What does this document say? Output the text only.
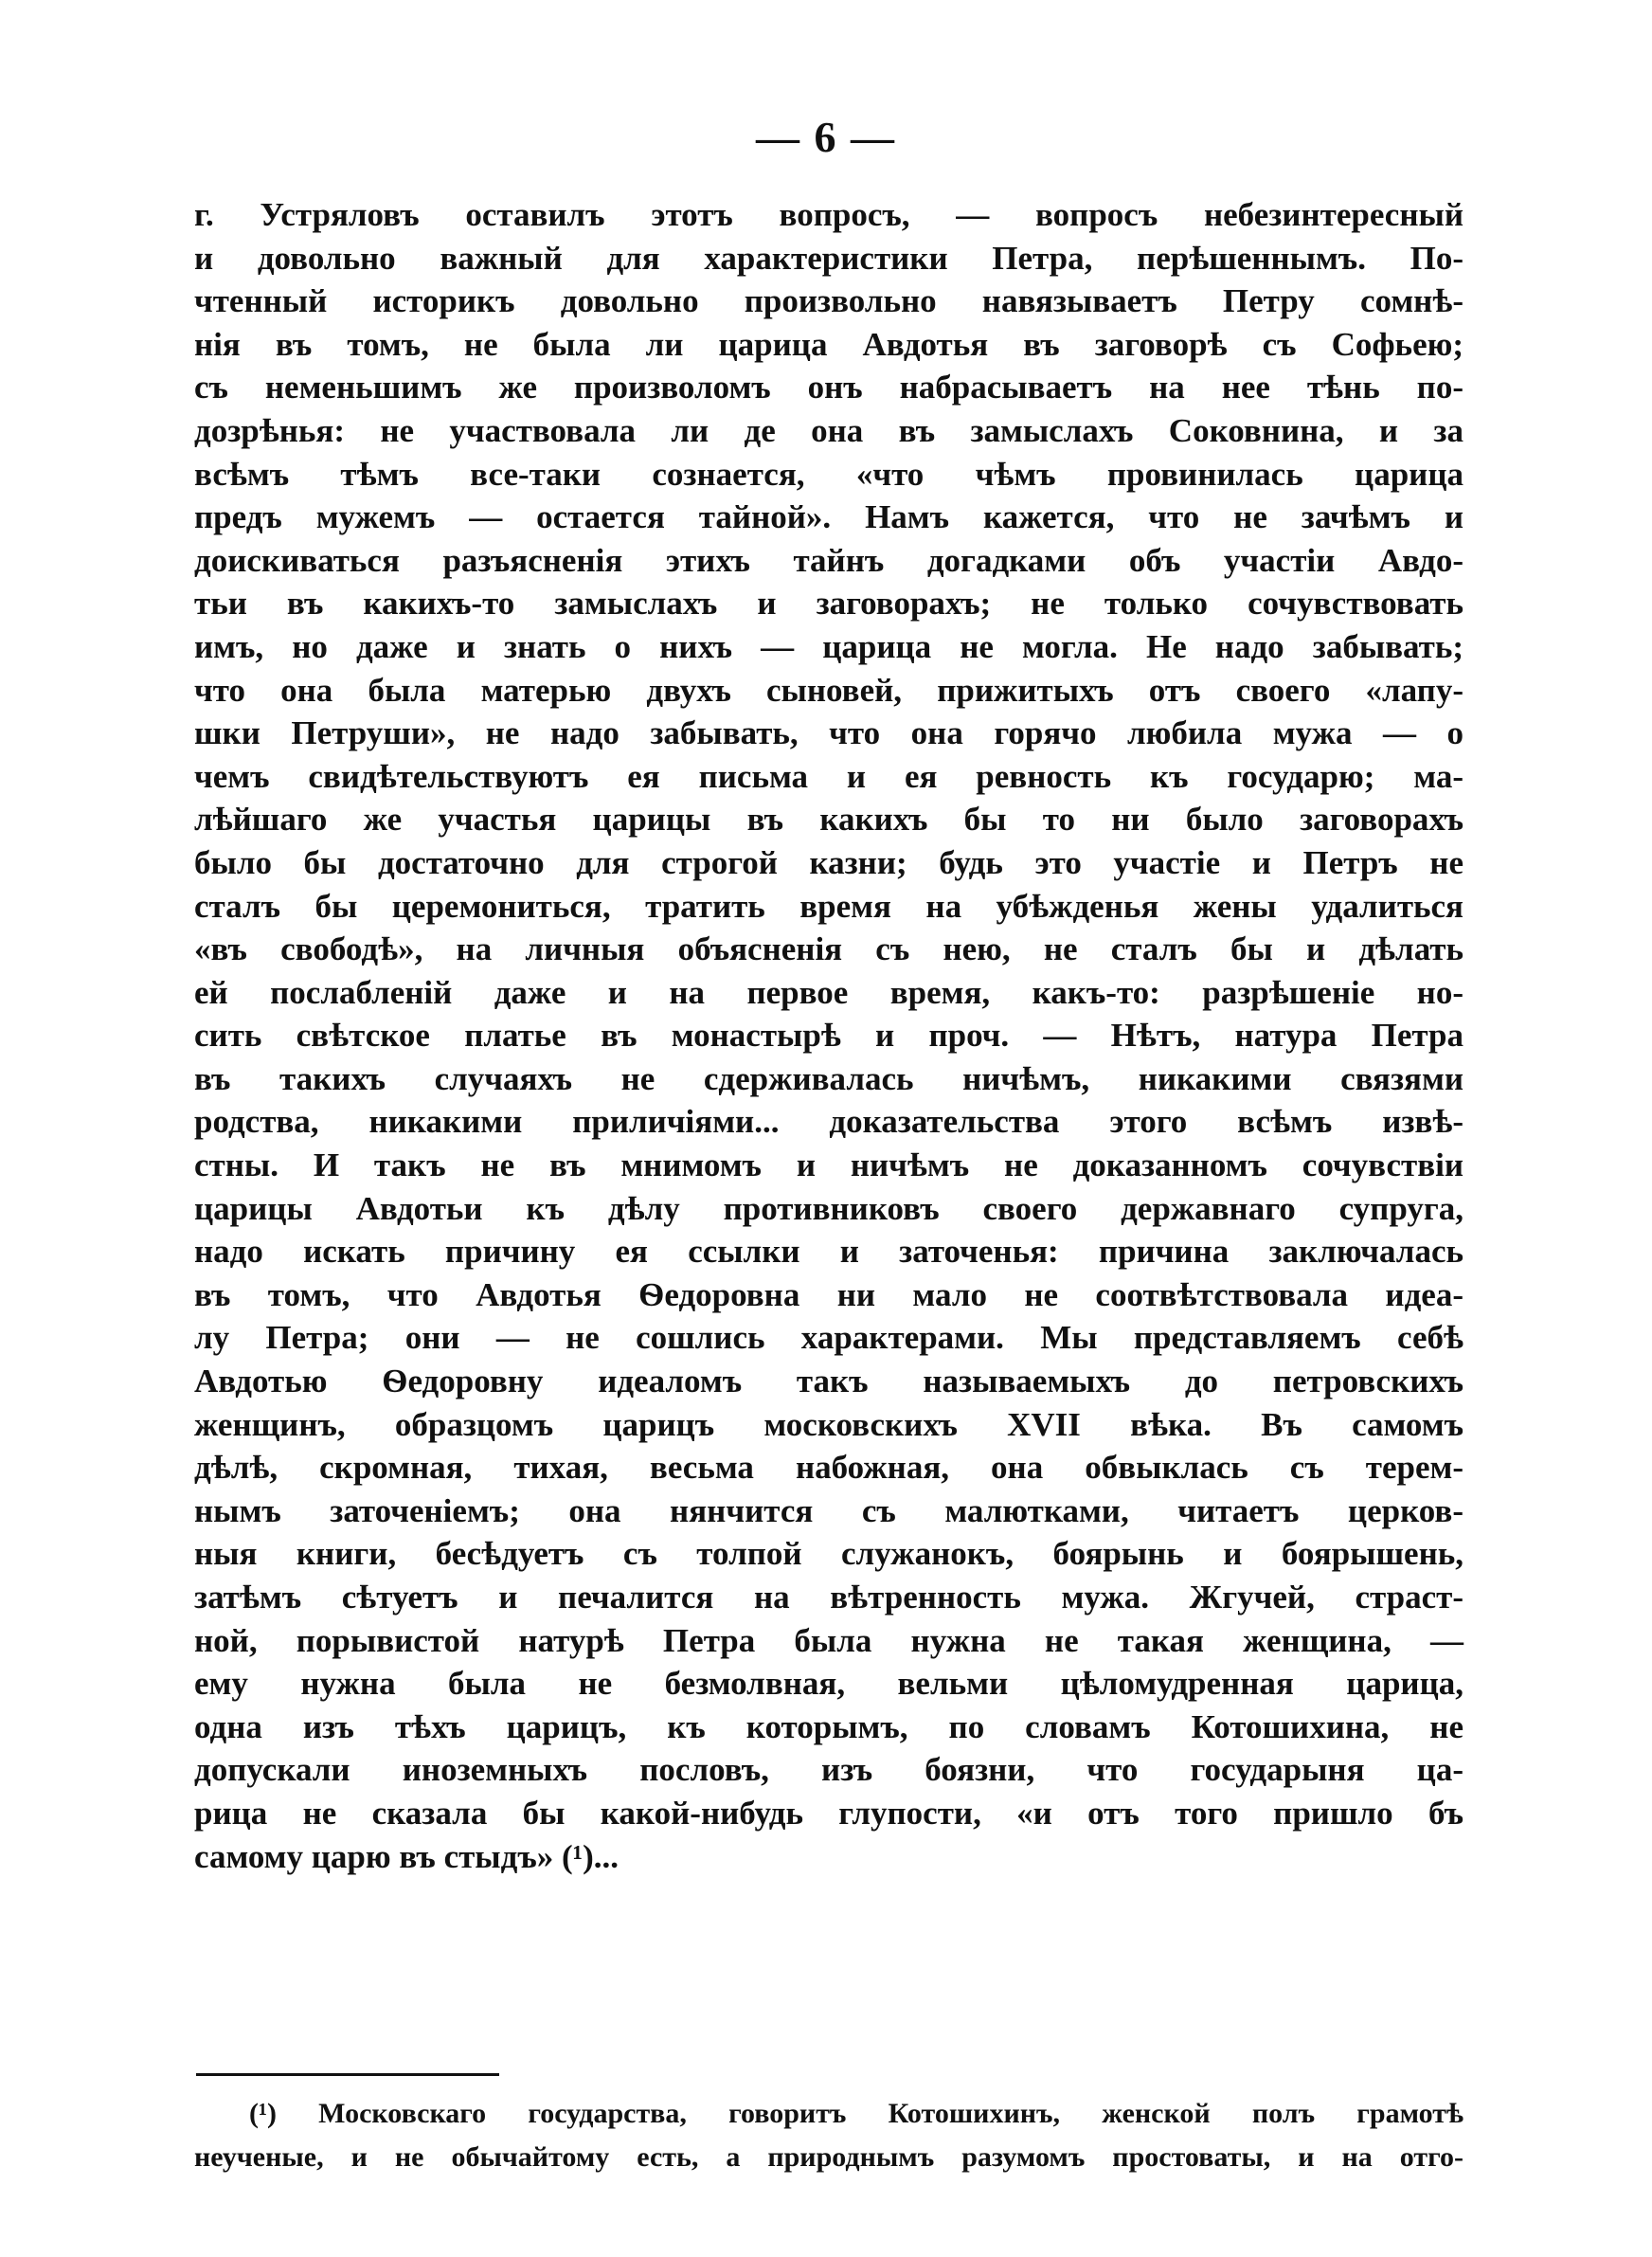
— 6 —
г. Устряловъ оставилъ этотъ вопросъ, — вопросъ небезинтересный
и довольно важный для характеристики Петра, перѣшеннымъ. По-
чтенный историкъ довольно произвольно навязываетъ Петру сомнѣ-
нія въ томъ, не была ли царица Авдотья въ заговорѣ съ Софьею;
съ неменьшимъ же произволомъ онъ набрасываетъ на нее тѣнь по-
дозрѣнья: не участвовала ли де она въ замыслахъ Соковнина, и за
всѣмъ тѣмъ все-таки сознается, «что чѣмъ провинилась царица
предъ мужемъ — остается тайной». Намъ кажется, что не зачѣмъ и
доискиваться разъясненія этихъ тайнъ догадками объ участіи Авдо-
тьи въ какихъ-то замыслахъ и заговорахъ; не только сочувствовать
имъ, но даже и знать о нихъ — царица не могла. Не надо забывать;
что она была матерью двухъ сыновей, прижитыхъ отъ своего «лапу-
шки Петруши», не надо забывать, что она горячо любила мужа — о
чемъ свидѣтельствуютъ ея письма и ея ревность къ государю; ма-
лѣйшаго же участья царицы въ какихъ бы то ни было заговорахъ
было бы достаточно для строгой казни; будь это участіе и Петръ не
сталъ бы церемониться, тратить время на убѣжденья жены удалиться
«въ свободѣ», на личныя объясненія съ нею, не сталъ бы и дѣлать
ей послабленій даже и на первое время, какъ-то: разрѣшеніе но-
сить свѣтское платье въ монастырѣ и проч. — Нѣтъ, натура Петра
въ такихъ случаяхъ не сдерживалась ничѣмъ, никакими связями
родства, никакими приличіями... доказательства этого всѣмъ извѣ-
стны. И такъ не въ мнимомъ и ничѣмъ не доказанномъ сочувствіи
царицы Авдотьи къ дѣлу противниковъ своего державнаго супруга,
надо искать причину ея ссылки и заточенья: причина заключалась
въ томъ, что Авдотья Ѳедоровна ни мало не соотвѣтствовала идеа-
лу Петра; они — не сошлись характерами. Мы представляемъ себѣ
Авдотью Ѳедоровну идеаломъ такъ называемыхъ до петровскихъ
женщинъ, образцомъ царицъ московскихъ XVII вѣка. Въ самомъ
дѣлѣ, скромная, тихая, весьма набожная, она обвыклась съ терем-
нымъ заточеніемъ; она нянчится съ малютками, читаетъ церков-
ныя книги, бесѣдуетъ съ толпой служанокъ, боярынь и боярышень,
затѣмъ сѣтуетъ и печалится на вѣтренность мужа. Жгучей, страст-
ной, порывистой натурѣ Петра была нужна не такая женщина, —
ему нужна была не безмолвная, вельми цѣломудренная царица,
одна изъ тѣхъ царицъ, къ которымъ, по словамъ Котошихина, не
допускали иноземныхъ пословъ, изъ боязни, что государыня ца-
рица не сказала бы какой-нибудь глупости, «и отъ того пришло бъ
самому царю въ стыдъ» (¹)...
(¹) Московскаго государства, говоритъ Котошихинъ, женской полъ грамотѣ
неученые, и не обычайтому есть, а природнымъ разумомъ простоваты, и на отго-
